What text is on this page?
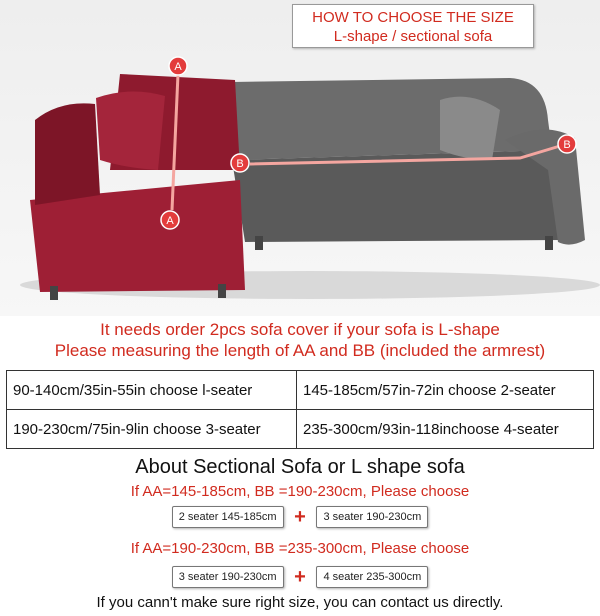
A
A
B
B
HOW TO CHOOSE THE SIZE
L-shape / sectional sofa
It needs order 2pcs sofa cover if your sofa is L-shape
Please measuring the length of AA and BB (included the armrest)
90-140cm/35in-55in choose l-seater	145-185cm/57in-72in choose 2-seater
190-230cm/75in-9lin choose 3-seater	235-300cm/93in-118inchoose 4-seater
About Sectional Sofa or L shape sofa
If AA=145-185cm, BB =190-230cm, Please choose
2 seater 145-185cm + 3 seater 190-230cm
If AA=190-230cm, BB =235-300cm, Please choose
3 seater 190-230cm + 4 seater 235-300cm
If you cann't make sure right size, you can contact us directly.
